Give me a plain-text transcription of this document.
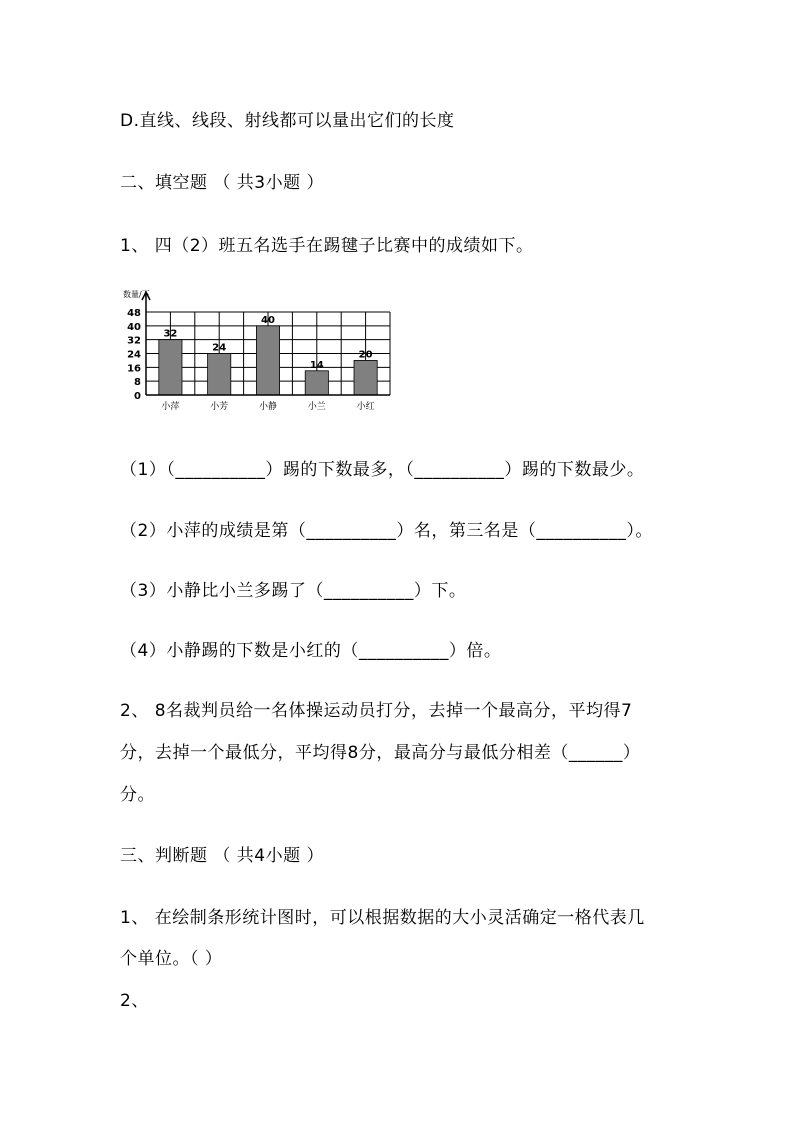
D.直线、线段、射线都可以量出它们的长度
二、填空题 （ 共3小题 ）
1、 四（2）班五名选手在踢毽子比赛中的成绩如下。
32
小萍
24
小芳
40
小静
14
小兰
20
小红
0
8
16
24
32
40
48
数量/下
（1）（__________）踢的下数最多，（__________）踢的下数最少。
（2）小萍的成绩是第（__________）名，第三名是（__________）。
（3）小静比小兰多踢了（__________）下。
（4）小静踢的下数是小红的（__________）倍。
2、 8名裁判员给一名体操运动员打分，去掉一个最高分，平均得7
分，去掉一个最低分，平均得8分，最高分与最低分相差（______）
分。
三、判断题 （ 共4小题 ）
1、 在绘制条形统计图时，可以根据数据的大小灵活确定一格代表几
个单位。（ ）
2、
